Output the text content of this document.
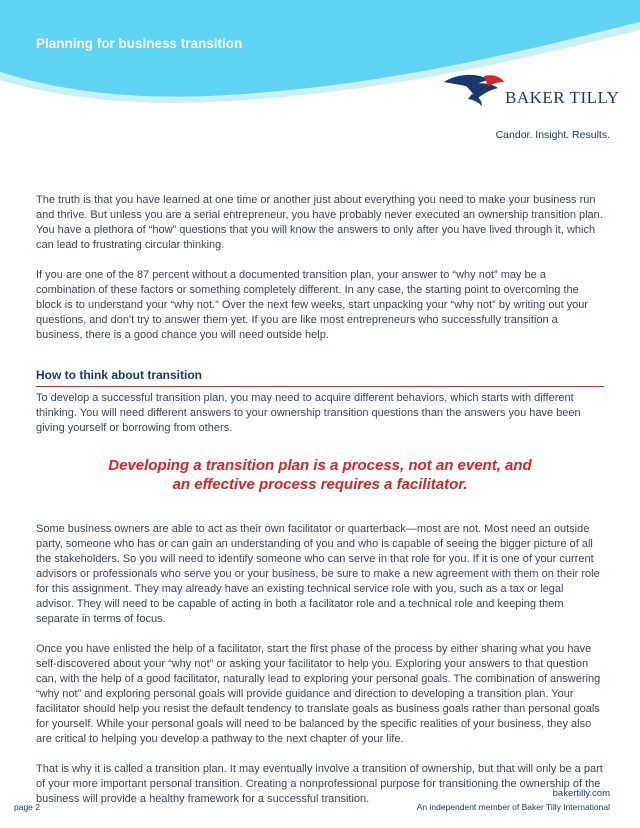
Planning for business transition
BAKER TILLY
Candor. Insight. Results.

The truth is that you have learned at one time or another just about everything you need to make your business run and thrive. But unless you are a serial entrepreneur, you have probably never executed an ownership transition plan. You have a plethora of “how” questions that you will know the answers to only after you have lived through it, which can lead to frustrating circular thinking.

If you are one of the 87 percent without a documented transition plan, your answer to “why not” may be a combination of these factors or something completely different. In any case, the starting point to overcoming the block is to understand your “why not.” Over the next few weeks, start unpacking your “why not” by writing out your questions, and don't try to answer them yet. If you are like most entrepreneurs who successfully transition a business, there is a good chance you will need outside help.

How to think about transition

To develop a successful transition plan, you may need to acquire different behaviors, which starts with different thinking. You will need different answers to your ownership transition questions than the answers you have been giving yourself or borrowing from others.

Developing a transition plan is a process, not an event, and
an effective process requires a facilitator.

Some business owners are able to act as their own facilitator or quarterback—most are not. Most need an outside party, someone who has or can gain an understanding of you and who is capable of seeing the bigger picture of all the stakeholders. So you will need to identify someone who can serve in that role for you. If it is one of your current advisors or professionals who serve you or your business, be sure to make a new agreement with them on their role for this assignment. They may already have an existing technical service role with you, such as a tax or legal advisor. They will need to be capable of acting in both a facilitator role and a technical role and keeping them separate in terms of focus.

Once you have enlisted the help of a facilitator, start the first phase of the process by either sharing what you have self-discovered about your “why not” or asking your facilitator to help you. Exploring your answers to that question can, with the help of a good facilitator, naturally lead to exploring your personal goals. The combination of answering “why not” and exploring personal goals will provide guidance and direction to developing a transition plan. Your facilitator should help you resist the default tendency to translate goals as business goals rather than personal goals for yourself. While your personal goals will need to be balanced by the specific realities of your business, they also are critical to helping you develop a pathway to the next chapter of your life.

That is why it is called a transition plan. It may eventually involve a transition of ownership, but that will only be a part of your more important personal transition. Creating a nonprofessional purpose for transitioning the ownership of the business will provide a healthy framework for a successful transition.	bakertilly.com
An independent member of Baker Tilly International
page 2
